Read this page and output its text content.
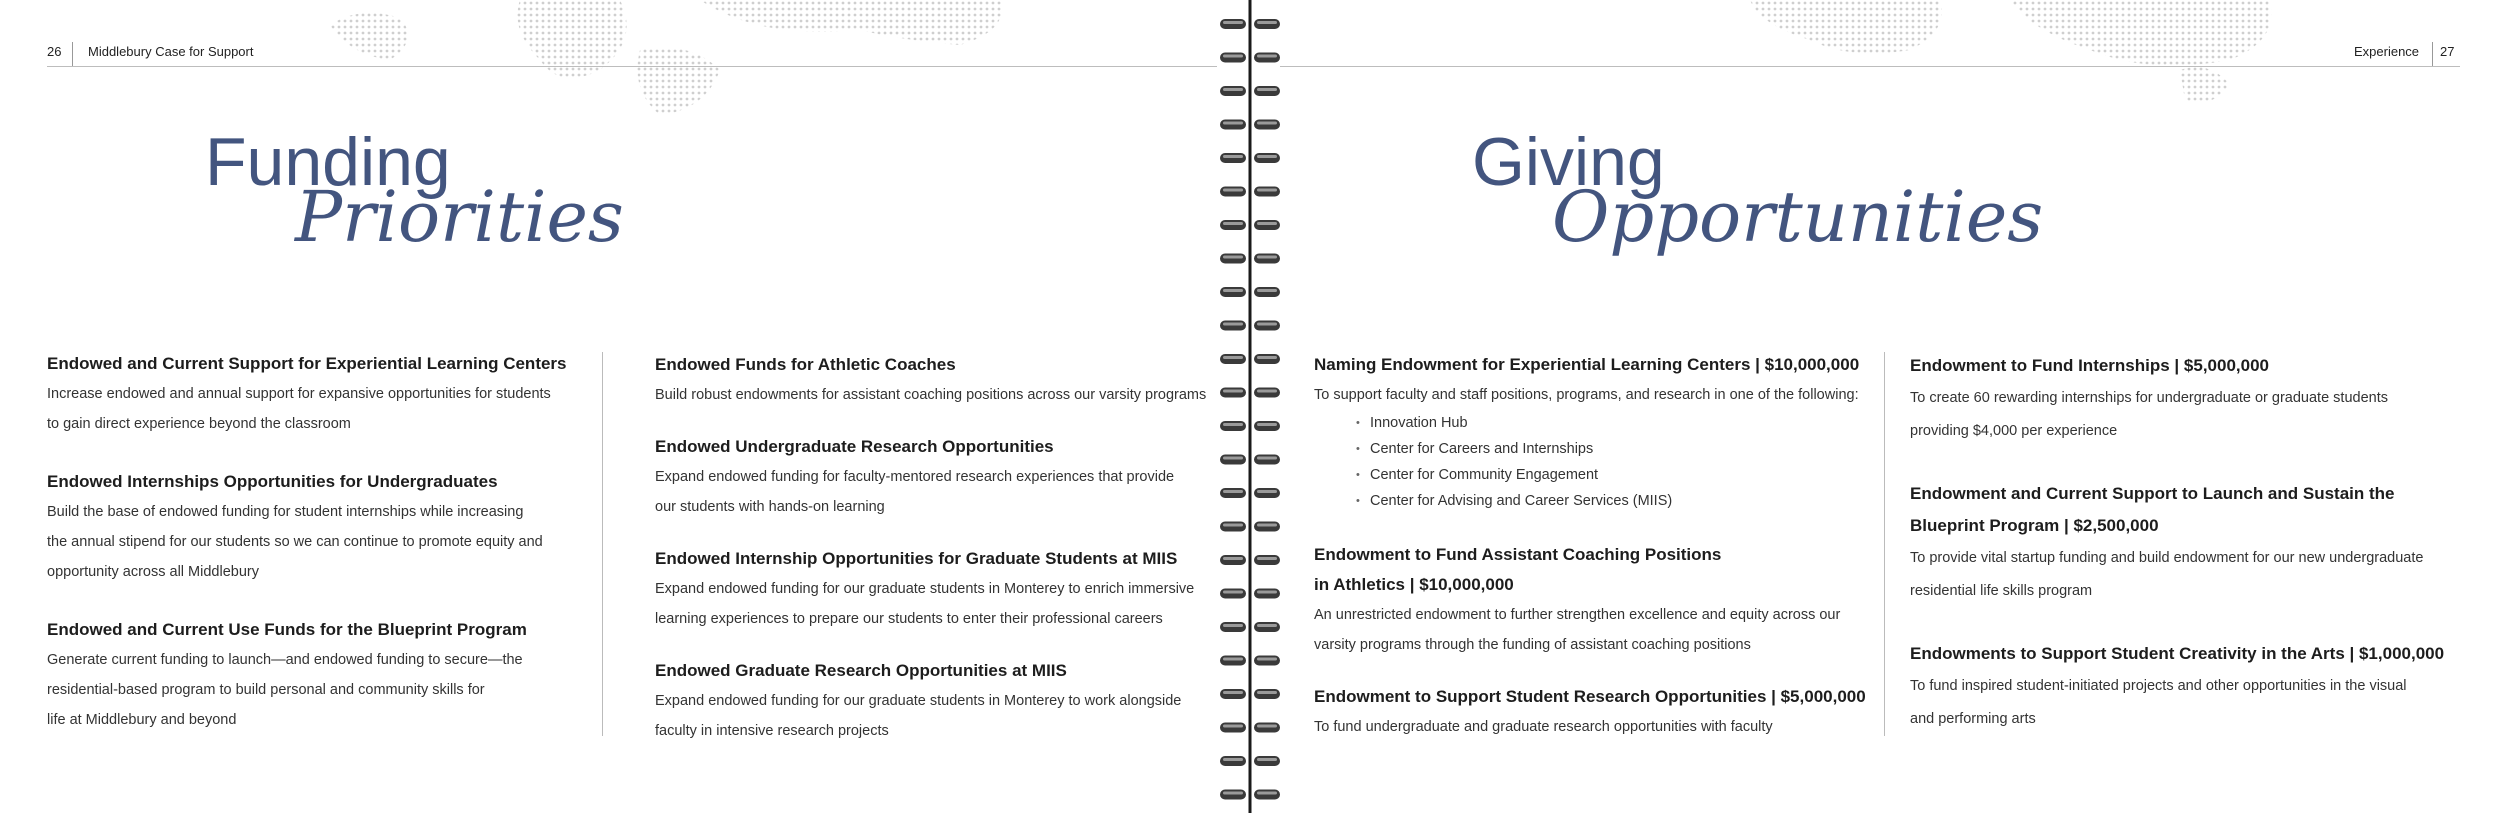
26 Middlebury Case for Support
Funding
Priorities
Endowed and Current Support for Experiential Learning Centers

Increase endowed and annual support for expansive opportunities for students

to gain direct experience beyond the classroom

Endowed Internships Opportunities for Undergraduates

Build the base of endowed funding for student internships while increasing

the annual stipend for our students so we can continue to promote equity and

opportunity across all Middlebury

Endowed and Current Use Funds for the Blueprint Program

Generate current funding to launch—and endowed funding to secure—the

residential-based program to build personal and community skills for

life at Middlebury and beyond

Endowed Funds for Athletic Coaches

Build robust endowments for assistant coaching positions across our varsity programs

Endowed Undergraduate Research Opportunities

Expand endowed funding for faculty-mentored research experiences that provide

our students with hands-on learning

Endowed Internship Opportunities for Graduate Students at MIIS

Expand endowed funding for our graduate students in Monterey to enrich immersive

learning experiences to prepare our students to enter their professional careers

Endowed Graduate Research Opportunities at MIIS

Expand endowed funding for our graduate students in Monterey to work alongside

faculty in intensive research projects

Experience 27
Giving
Opportunities
Naming Endowment for Experiential Learning Centers | $10,000,000

To support faculty and staff positions, programs, and research in one of the following:

• Innovation Hub
• Center for Careers and Internships
• Center for Community Engagement
• Center for Advising and Career Services (MIIS)
Endowment to Fund Assistant Coaching Positions
in Athletics | $10,000,000

An unrestricted endowment to further strengthen excellence and equity across our

varsity programs through the funding of assistant coaching positions

Endowment to Support Student Research Opportunities | $5,000,000

To fund undergraduate and graduate research opportunities with faculty

Endowment to Fund Internships | $5,000,000

To create 60 rewarding internships for undergraduate or graduate students

providing $4,000 per experience

Endowment and Current Support to Launch and Sustain the
Blueprint Program | $2,500,000

To provide vital startup funding and build endowment for our new undergraduate

residential life skills program

Endowments to Support Student Creativity in the Arts | $1,000,000

To fund inspired student-initiated projects and other opportunities in the visual

and performing arts
